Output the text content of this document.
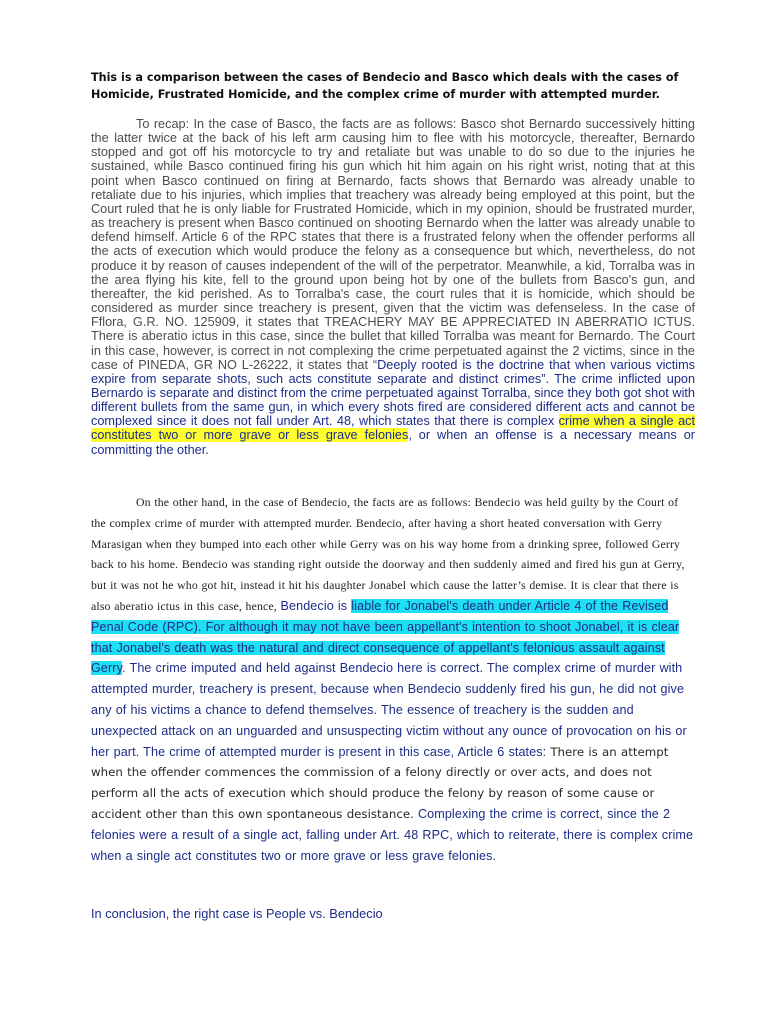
This is a comparison between the cases of Bendecio and Basco which deals with the cases of Homicide, Frustrated Homicide, and the complex crime of murder with attempted murder.
To recap: In the case of Basco, the facts are as follows: Basco shot Bernardo successively hitting the latter twice at the back of his left arm causing him to flee with his motorcycle, thereafter, Bernardo stopped and got off his motorcycle to try and retaliate but was unable to do so due to the injuries he sustained, while Basco continued firing his gun which hit him again on his right wrist, noting that at this point when Basco continued on firing at Bernardo, facts shows that Bernardo was already unable to retaliate due to his injuries, which implies that treachery was already being employed at this point, but the Court ruled that he is only liable for Frustrated Homicide, which in my opinion, should be frustrated murder, as treachery is present when Basco continued on shooting Bernardo when the latter was already unable to defend himself. Article 6 of the RPC states that there is a frustrated felony when the offender performs all the acts of execution which would produce the felony as a consequence but which, nevertheless, do not produce it by reason of causes independent of the will of the perpetrator. Meanwhile, a kid, Torralba was in the area flying his kite, fell to the ground upon being hot by one of the bullets from Basco's gun, and thereafter, the kid perished. As to Torralba's case, the court rules that it is homicide, which should be considered as murder since treachery is present, given that the victim was defenseless. In the case of Fflora, G.R. NO. 125909, it states that TREACHERY MAY BE APPRECIATED IN ABERRATIO ICTUS. There is aberatio ictus in this case, since the bullet that killed Torralba was meant for Bernardo. The Court in this case, however, is correct in not complexing the crime perpetuated against the 2 victims, since in the case of PINEDA, GR NO L-26222, it states that “Deeply rooted is the doctrine that when various victims expire from separate shots, such acts constitute separate and distinct crimes”. The crime inflicted upon Bernardo is separate and distinct from the crime perpetuated against Torralba, since they both got shot with different bullets from the same gun, in which every shots fired are considered different acts and cannot be complexed since it does not fall under Art. 48, which states that there is complex crime when a single act constitutes two or more grave or less grave felonies, or when an offense is a necessary means or committing the other.
On the other hand, in the case of Bendecio, the facts are as follows: Bendecio was held guilty by the Court of the complex crime of murder with attempted murder. Bendecio, after having a short heated conversation with Gerry Marasigan when they bumped into each other while Gerry was on his way home from a drinking spree, followed Gerry back to his home. Bendecio was standing right outside the doorway and then suddenly aimed and fired his gun at Gerry, but it was not he who got hit, instead it hit his daughter Jonabel which cause the latter’s demise. It is clear that there is also aberatio ictus in this case, hence, Bendecio is liable for Jonabel's death under Article 4 of the Revised Penal Code (RPC). For although it may not have been appellant's intention to shoot Jonabel, it is clear that Jonabel's death was the natural and direct consequence of appellant's felonious assault against Gerry. The crime imputed and held against Bendecio here is correct. The complex crime of murder with attempted murder, treachery is present, because when Bendecio suddenly fired his gun, he did not give any of his victims a chance to defend themselves. The essence of treachery is the sudden and unexpected attack on an unguarded and unsuspecting victim without any ounce of provocation on his or her part. The crime of attempted murder is present in this case, Article 6 states: There is an attempt when the offender commences the commission of a felony directly or over acts, and does not perform all the acts of execution which should produce the felony by reason of some cause or accident other than this own spontaneous desistance. Complexing the crime is correct, since the 2 felonies were a result of a single act, falling under Art. 48 RPC, which to reiterate, there is complex crime when a single act constitutes two or more grave or less grave felonies.
In conclusion, the right case is People vs. Bendecio
